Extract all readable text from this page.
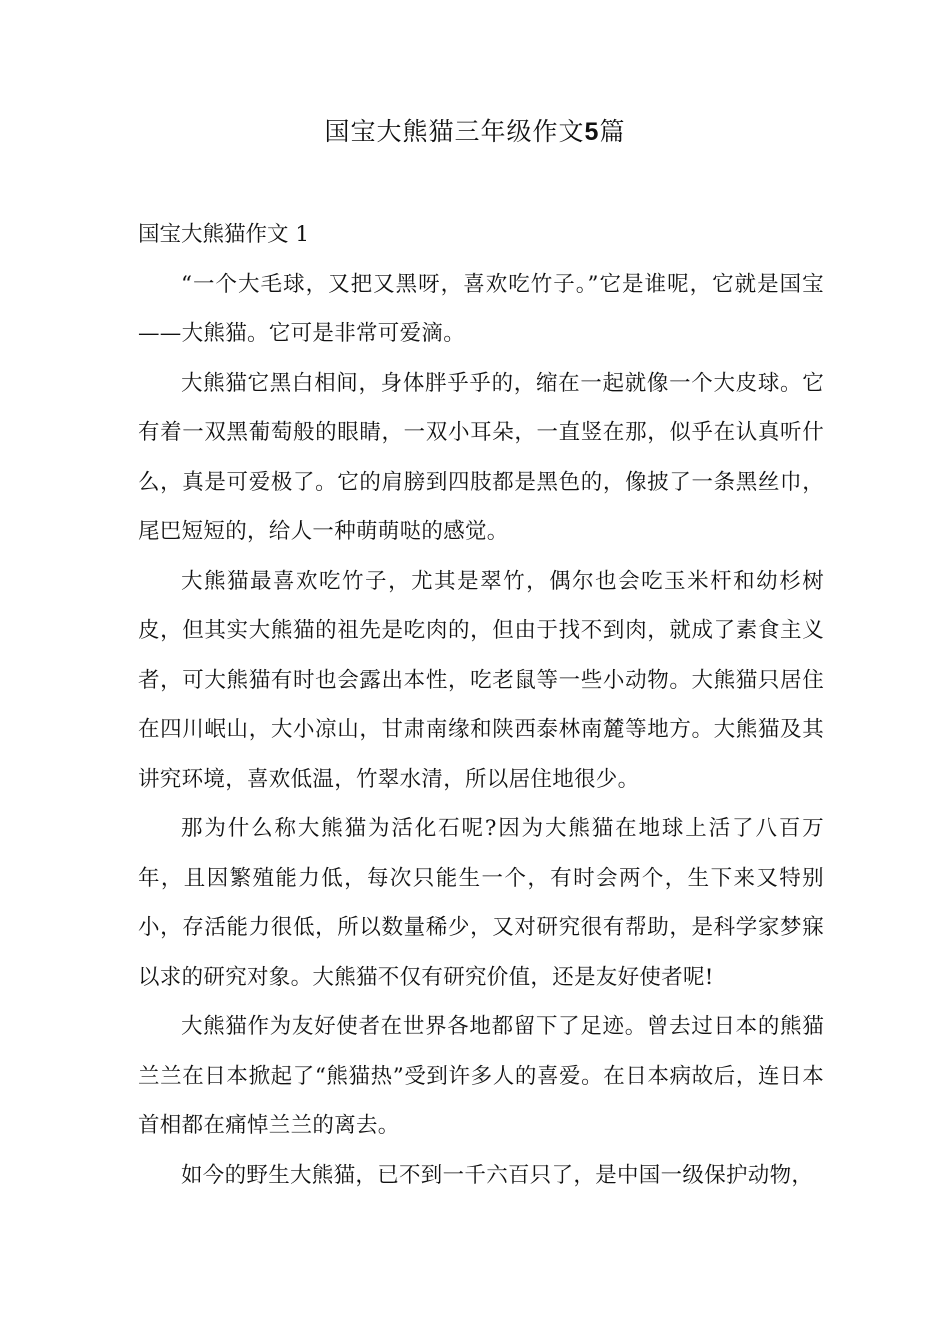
国宝大熊猫三年级作文5篇
国宝大熊猫作文 1

“一个大毛球，又把又黑呀，喜欢吃竹子。”它是谁呢，它就是国宝——大熊猫。它可是非常可爱滴。

大熊猫它黑白相间，身体胖乎乎的，缩在一起就像一个大皮球。它有着一双黑葡萄般的眼睛，一双小耳朵，一直竖在那，似乎在认真听什么，真是可爱极了。它的肩膀到四肢都是黑色的，像披了一条黑丝巾，尾巴短短的，给人一种萌萌哒的感觉。

大熊猫最喜欢吃竹子，尤其是翠竹，偶尔也会吃玉米杆和幼杉树皮，但其实大熊猫的祖先是吃肉的，但由于找不到肉，就成了素食主义者，可大熊猫有时也会露出本性，吃老鼠等一些小动物。大熊猫只居住在四川岷山，大小凉山，甘肃南缘和陕西泰林南麓等地方。大熊猫及其讲究环境，喜欢低温，竹翠水清，所以居住地很少。

那为什么称大熊猫为活化石呢?因为大熊猫在地球上活了八百万年，且因繁殖能力低，每次只能生一个，有时会两个，生下来又特别小，存活能力很低，所以数量稀少，又对研究很有帮助，是科学家梦寐以求的研究对象。大熊猫不仅有研究价值，还是友好使者呢!

大熊猫作为友好使者在世界各地都留下了足迹。曾去过日本的熊猫兰兰在日本掀起了“熊猫热”受到许多人的喜爱。在日本病故后，连日本首相都在痛悼兰兰的离去。

如今的野生大熊猫，已不到一千六百只了，是中国一级保护动物，
